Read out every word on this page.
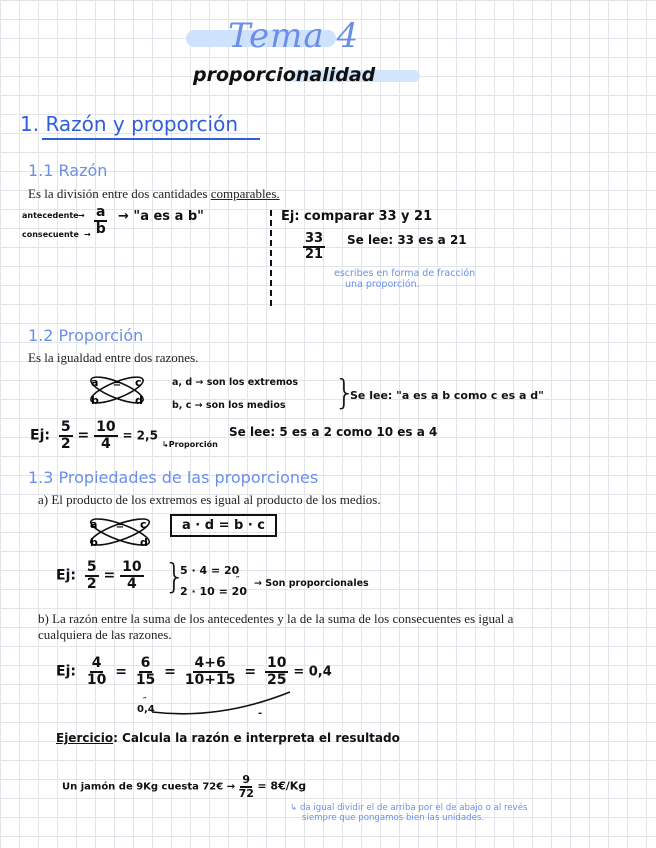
Tema 4
proporcionalidad
1. Razón y proporción
1.1 Razón
Es la división entre dos cantidades comparables.
antecedente
consecuente
→
→ $\frac{a}{b}$ → "a es a b"	Ej: comparar 33 y 21
$\frac{33}{21}$ Se lee: 33 es a 21
escribes en forma de fracción
una proporción.
1.2 Proporción
Es la igualdad entre dos razones.
a = c
b	d
a, d → son los extremos
b, c → son los medios }
Se lee: "a es a b como c es a d"
Ej: $\frac{5}{2} = \frac{10}{4} = 2,5$
↳Proporción
Se lee: 5 es a 2 como 10 es a 4
1.3 Propiedades de las proporciones
a) El producto de los extremos es igual al producto de los medios.
a = c
b	d
a · d = b · c
Ej: $\frac{5}{2} = \frac{10}{4}$ }
5 · 4 = 20
2 · 10 = 20
″ → Son proporcionales
b) La razón entre la suma de los antecedentes y la de la suma de los consecuentes es igual a
cualquiera de las razones.
Ej: $\frac{4}{10} = \frac{6}{15} = \frac{4+6}{10+15} = \frac{10}{25} = 0,4$
″
0,4	-
Ejercicio: Calcula la razón e interpreta el resultado
Un jamón de 9Kg cuesta 72€ → $\frac{9}{72}$ = 8€/Kg
↳ da igual dividir el de arriba por el de abajo o al revés
siempre que pongamos bien las unidades.
